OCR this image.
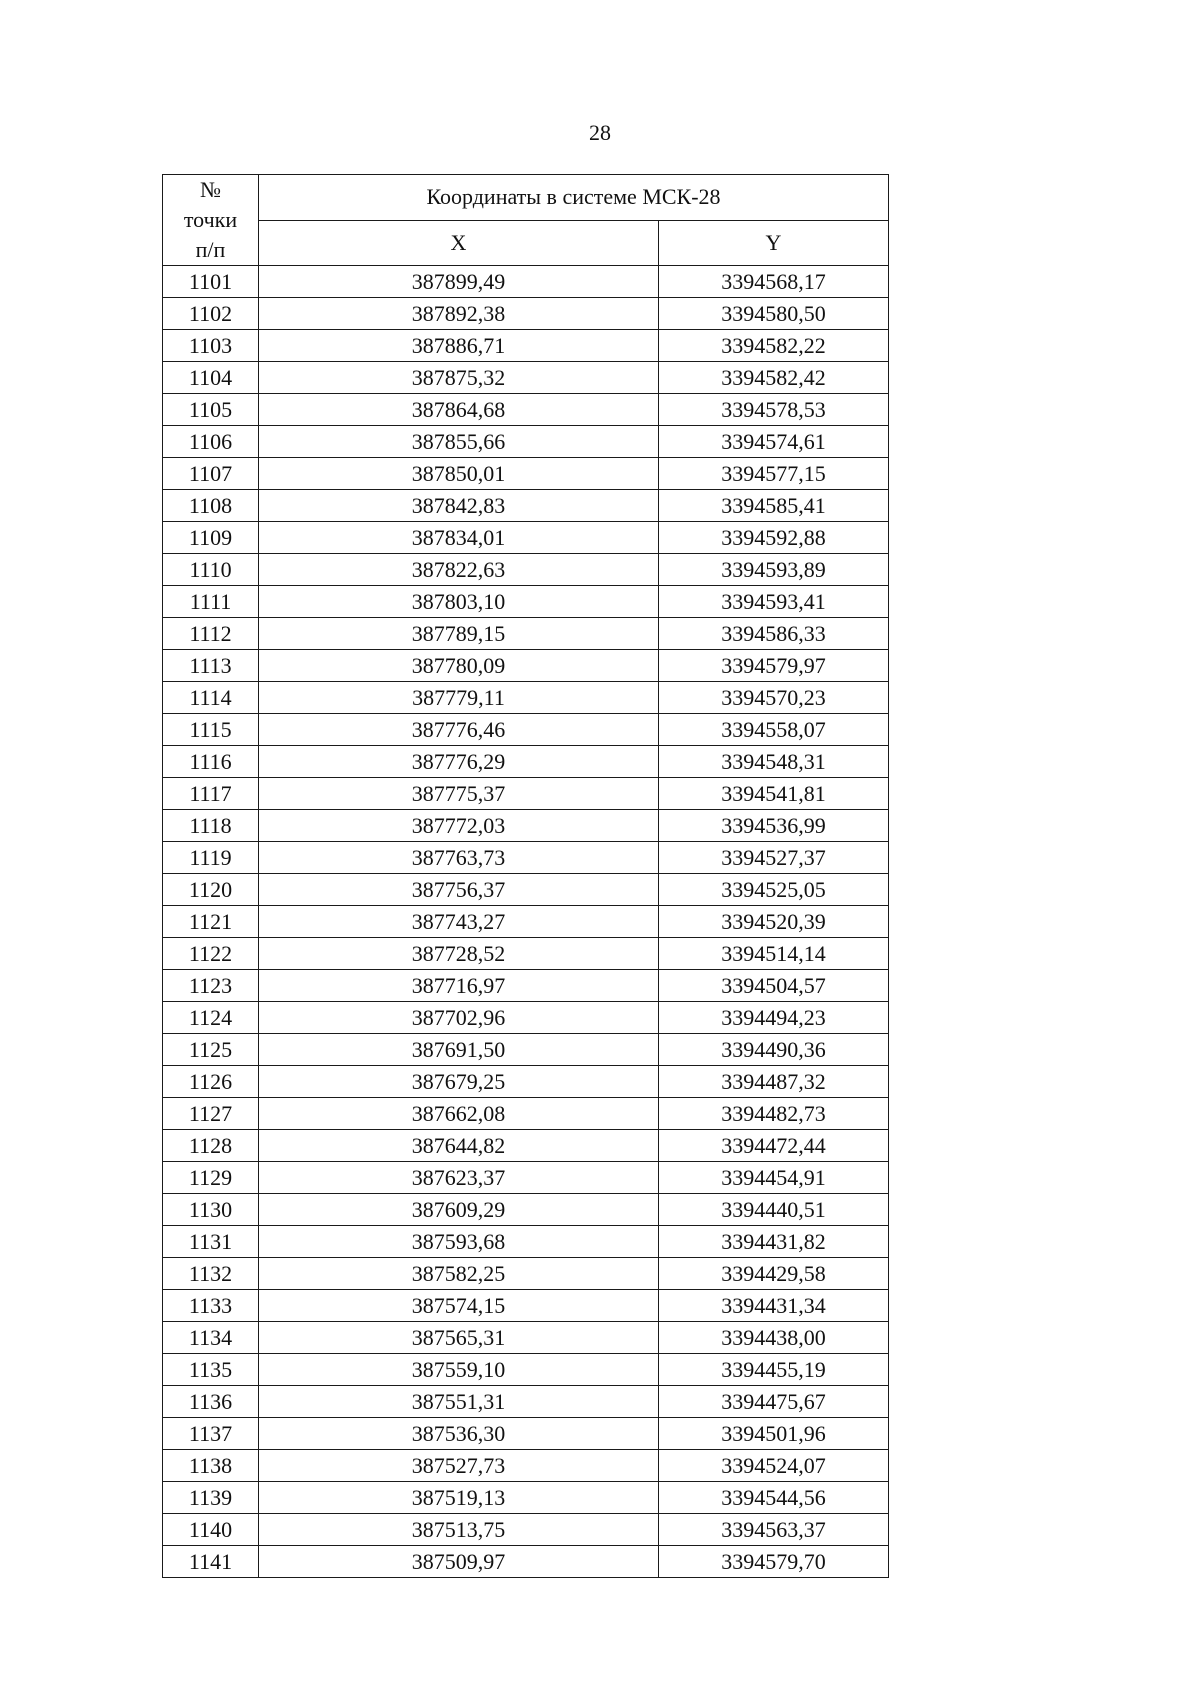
28
№
точки
п/п	Координаты в системе МСК-28	
	X	Y
1101	387899,49	3394568,17
1102	387892,38	3394580,50
1103	387886,71	3394582,22
1104	387875,32	3394582,42
1105	387864,68	3394578,53
1106	387855,66	3394574,61
1107	387850,01	3394577,15
1108	387842,83	3394585,41
1109	387834,01	3394592,88
1110	387822,63	3394593,89
1111	387803,10	3394593,41
1112	387789,15	3394586,33
1113	387780,09	3394579,97
1114	387779,11	3394570,23
1115	387776,46	3394558,07
1116	387776,29	3394548,31
1117	387775,37	3394541,81
1118	387772,03	3394536,99
1119	387763,73	3394527,37
1120	387756,37	3394525,05
1121	387743,27	3394520,39
1122	387728,52	3394514,14
1123	387716,97	3394504,57
1124	387702,96	3394494,23
1125	387691,50	3394490,36
1126	387679,25	3394487,32
1127	387662,08	3394482,73
1128	387644,82	3394472,44
1129	387623,37	3394454,91
1130	387609,29	3394440,51
1131	387593,68	3394431,82
1132	387582,25	3394429,58
1133	387574,15	3394431,34
1134	387565,31	3394438,00
1135	387559,10	3394455,19
1136	387551,31	3394475,67
1137	387536,30	3394501,96
1138	387527,73	3394524,07
1139	387519,13	3394544,56
1140	387513,75	3394563,37
1141	387509,97	3394579,70
